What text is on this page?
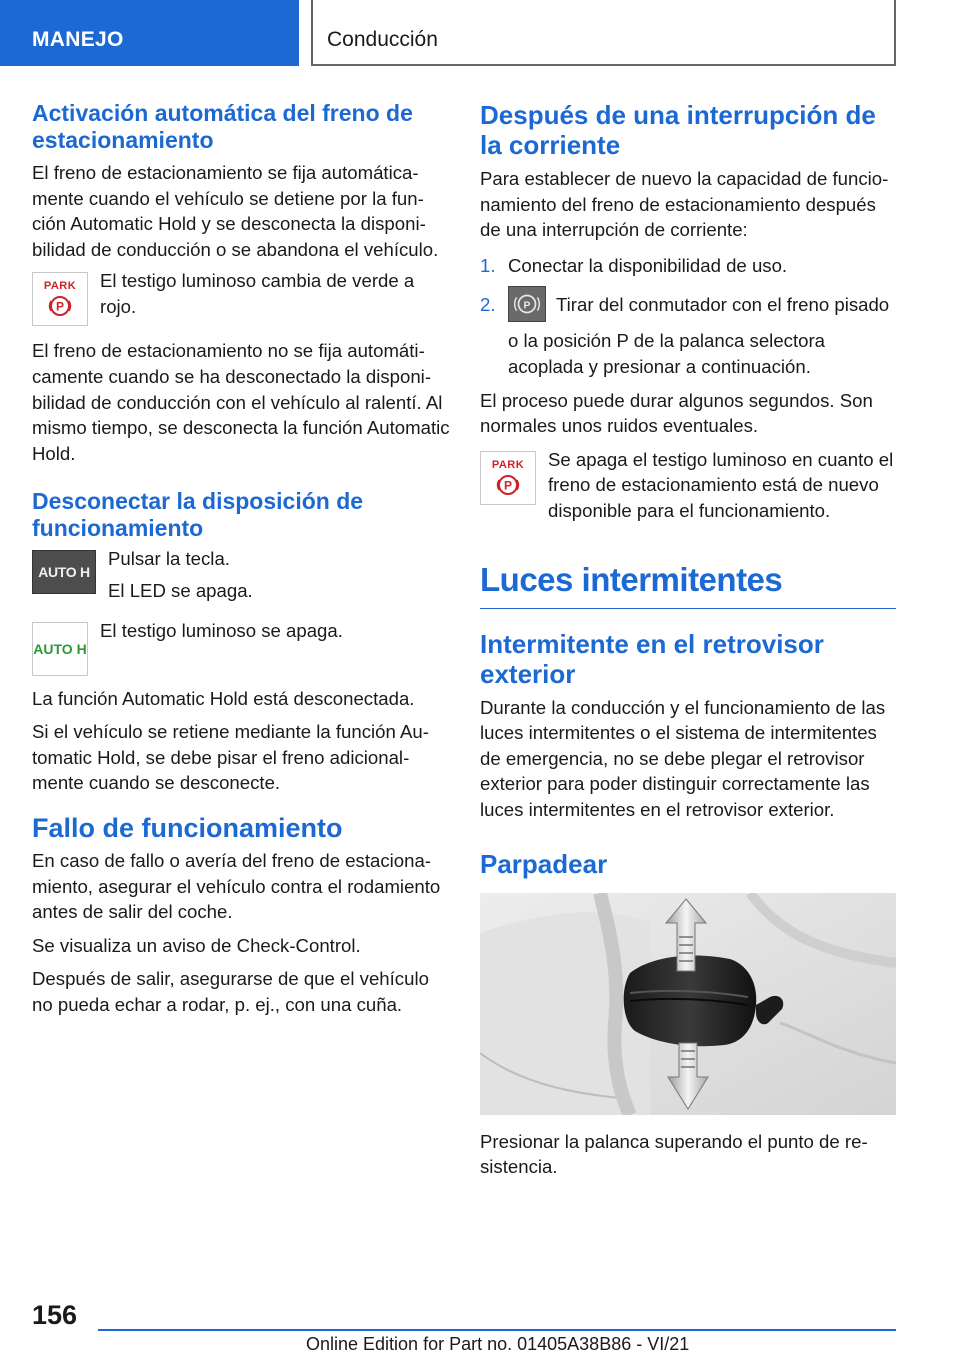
MANEJO	Conducción
Activación automática del freno de estacionamiento

El freno de estacionamiento se fija automáticamente cuando el vehículo se detiene por la función Automatic Hold y se desconecta la disponibilidad de conducción o se abandona el vehículo.

PARK
P

El testigo luminoso cambia de verde a rojo.

El freno de estacionamiento no se fija automáticamente cuando se ha desconectado la disponibilidad de conducción con el vehículo al ralentí. Al mismo tiempo, se desconecta la función Automatic Hold.

Desconectar la disposición de funcionamiento
AUTO H

Pulsar la tecla.

El LED se apaga.

AUTO H

El testigo luminoso se apaga.

La función Automatic Hold está desconectada.

Si el vehículo se retiene mediante la función Automatic Hold, se debe pisar el freno adicionalmente cuando se desconecte.

Fallo de funcionamiento

En caso de fallo o avería del freno de estacionamiento, asegurar el vehículo contra el rodamiento antes de salir del coche.

Se visualiza un aviso de Check-Control.

Después de salir, asegurarse de que el vehículo no pueda echar a rodar, p. ej., con una cuña.

Después de una interrupción de la corriente

Para establecer de nuevo la capacidad de funcionamiento del freno de estacionamiento después de una interrupción de corriente:

1. Conectar la disponibilidad de uso.
2.	P Tirar del conmutador con el freno pisado o la posición P de la palanca selectora acoplada y presionar a continuación.

El proceso puede durar algunos segundos. Son normales unos ruidos eventuales.

PARK
P

Se apaga el testigo luminoso en cuanto el freno de estacionamiento está de nuevo disponible para el funcionamiento.

Luces intermitentes
Intermitente en el retrovisor exterior

Durante la conducción y el funcionamiento de las luces intermitentes o el sistema de intermitentes de emergencia, no se debe plegar el retrovisor exterior para poder distinguir correctamente las luces intermitentes en el retrovisor exterior.

Parpadear

Presionar la palanca superando el punto de resistencia.

156
Online Edition for Part no. 01405A38B86 - VI/21
